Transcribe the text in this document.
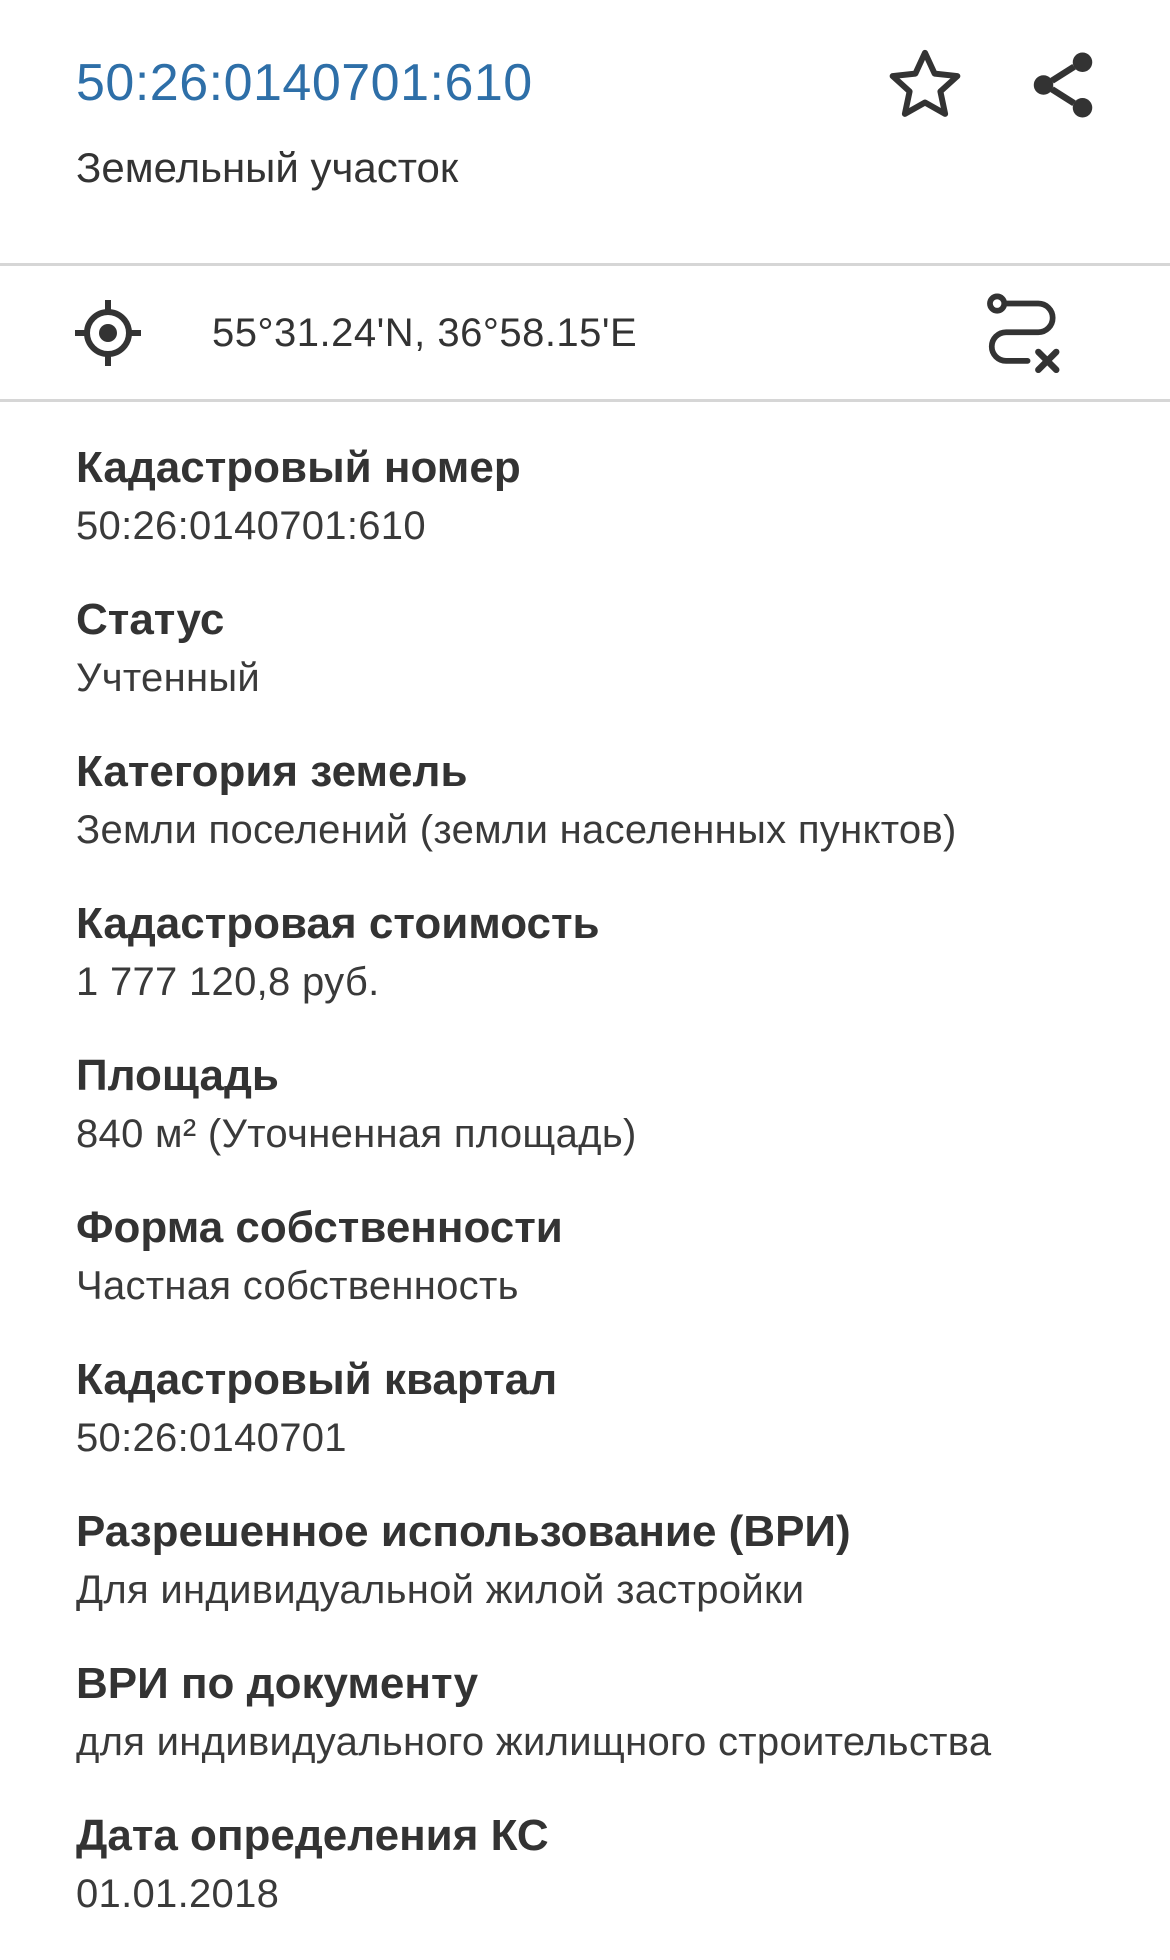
50:26:0140701:610
Земельный участок
55°31.24'N, 36°58.15'E
Кадастровый номер
50:26:0140701:610
Статус
Учтенный
Категория земель
Земли поселений (земли населенных пунктов)
Кадастровая стоимость
1 777 120,8 руб.
Площадь
840 м² (Уточненная площадь)
Форма собственности
Частная собственность
Кадастровый квартал
50:26:0140701
Разрешенное использование (ВРИ)
Для индивидуальной жилой застройки
ВРИ по документу
для индивидуального жилищного строительства
Дата определения КС
01.01.2018
